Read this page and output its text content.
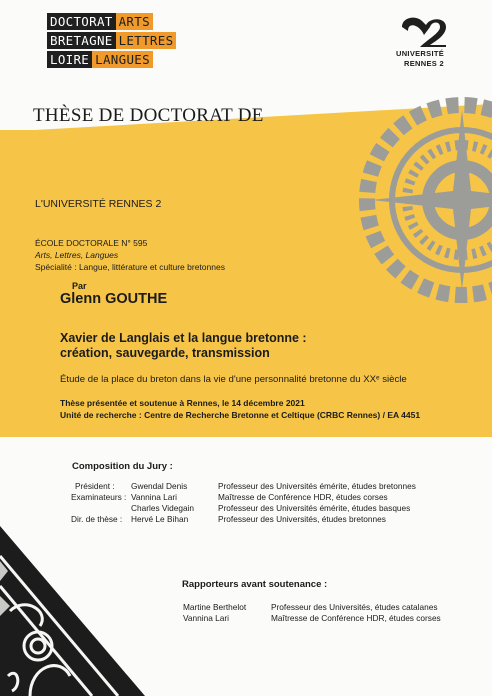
DOCTORAT ARTS
BRETAGNE LETTRES
LOIRE LANGUES	UNIVERSITÉ
RENNES 2
THÈSE DE DOCTORAT DE
L'UNIVERSITÉ RENNES 2
ÉCOLE DOCTORALE N° 595
Arts, Lettres, Langues
Spécialité : Langue, littérature et culture bretonnes
Par
Glenn GOUTHE
Xavier de Langlais et la langue bretonne :
création, sauvegarde, transmission
Étude de la place du breton dans la vie d'une personnalité bretonne du XXᵉ siècle
Thèse présentée et soutenue à Rennes, le 14 décembre 2021
Unité de recherche : Centre de Recherche Bretonne et Celtique (CRBC Rennes) / EA 4451
Composition du Jury :
Président : Gwendal Denis	Professeur des Universités émérite, études bretonnes
Examinateurs : Vannina Lari	Maîtresse de Conférence HDR, études corses
Charles Videgain	Professeur des Universités émérite, études basques
Dir. de thèse : Hervé Le Bihan	Professeur des Universités, études bretonnes
Rapporteurs avant soutenance :
Martine Berthelot	Professeur des Universités, études catalanes
Vannina Lari	Maîtresse de Conférence HDR, études corses
